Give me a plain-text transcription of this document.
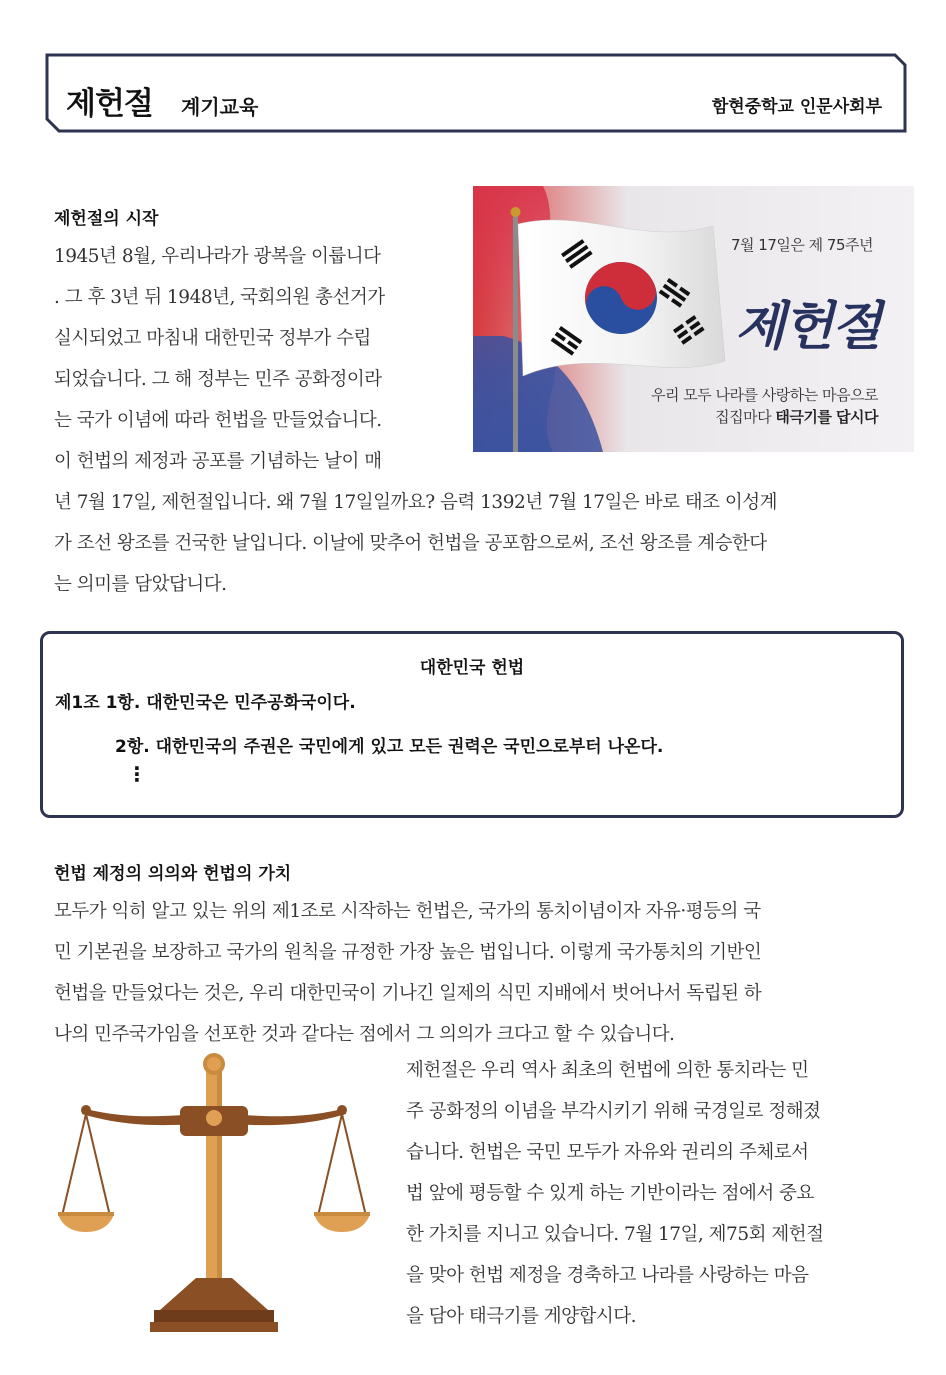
제헌절 계기교육	함현중학교 인문사회부
제헌절의 시작
1945년 8월, 우리나라가 광복을 이룹니다
. 그 후 3년 뒤 1948년, 국회의원 총선거가
실시되었고 마침내 대한민국 정부가 수립
되었습니다. 그 해 정부는 민주 공화정이라
는 국가 이념에 따라 헌법을 만들었습니다.
이 헌법의 제정과 공포를 기념하는 날이 매
년 7월 17일, 제헌절입니다. 왜 7월 17일일까요? 음력 1392년 7월 17일은 바로 태조 이성계
가 조선 왕조를 건국한 날입니다. 이날에 맞추어 헌법을 공포함으로써, 조선 왕조를 계승한다
는 의미를 담았답니다.
7월 17일은 제 75주년
제헌절
우리 모두 나라를 사랑하는 마음으로
집집마다 태극기를 답시다
대한민국 헌법
제1조 1항. 대한민국은 민주공화국이다.
2항. 대한민국의 주권은 국민에게 있고 모든 권력은 국민으로부터 나온다.
⋮
헌법 제정의 의의와 헌법의 가치
모두가 익히 알고 있는 위의 제1조로 시작하는 헌법은, 국가의 통치이념이자 자유·평등의 국
민 기본권을 보장하고 국가의 원칙을 규정한 가장 높은 법입니다. 이렇게 국가통치의 기반인
헌법을 만들었다는 것은, 우리 대한민국이 기나긴 일제의 식민 지배에서 벗어나서 독립된 하
나의 민주국가임을 선포한 것과 같다는 점에서 그 의의가 크다고 할 수 있습니다.
제헌절은 우리 역사 최초의 헌법에 의한 통치라는 민
주 공화정의 이념을 부각시키기 위해 국경일로 정해졌
습니다. 헌법은 국민 모두가 자유와 권리의 주체로서
법 앞에 평등할 수 있게 하는 기반이라는 점에서 중요
한 가치를 지니고 있습니다. 7월 17일, 제75회 제헌절
을 맞아 헌법 제정을 경축하고 나라를 사랑하는 마음
을 담아 태극기를 게양합시다.
